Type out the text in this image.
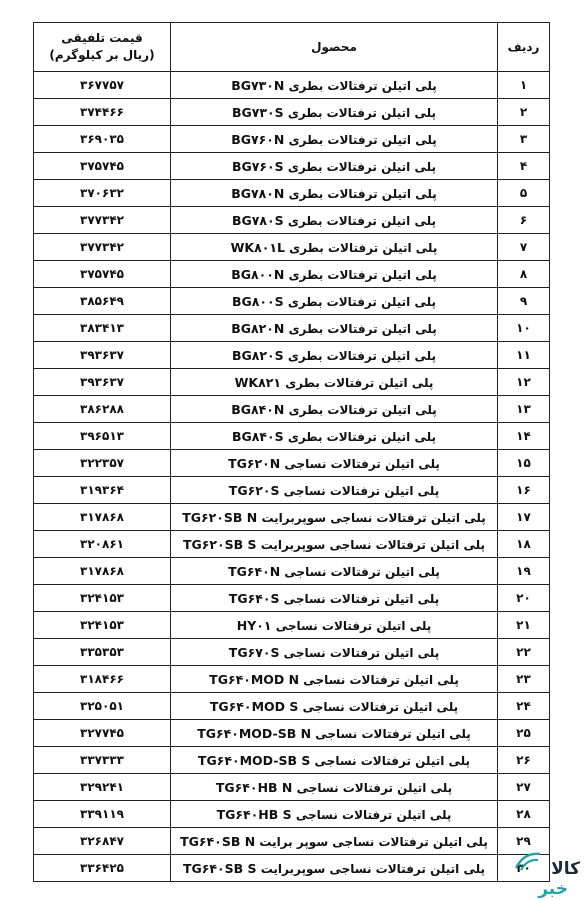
ردیف	محصول	قیمت تلفیقی
(ریال بر کیلوگرم)

۱	پلی اتیلن ترفتالات بطری BG۷۳۰N	۳۶۷۷۵۷
۲	پلی اتیلن ترفتالات بطری BG۷۳۰S	۳۷۴۴۶۶
۳	پلی اتیلن ترفتالات بطری BG۷۶۰N	۳۶۹۰۳۵
۴	پلی اتیلن ترفتالات بطری BG۷۶۰S	۳۷۵۷۴۵
۵	پلی اتیلن ترفتالات بطری BG۷۸۰N	۳۷۰۶۳۲
۶	پلی اتیلن ترفتالات بطری BG۷۸۰S	۳۷۷۳۴۲
۷	پلی اتیلن ترفتالات بطری WK۸۰۱L	۳۷۷۳۴۲
۸	پلی اتیلن ترفتالات بطری BG۸۰۰N	۳۷۵۷۴۵
۹	پلی اتیلن ترفتالات بطری BG۸۰۰S	۳۸۵۶۴۹
۱۰	پلی اتیلن ترفتالات بطری BG۸۲۰N	۳۸۳۴۱۳
۱۱	پلی اتیلن ترفتالات بطری BG۸۲۰S	۳۹۳۶۳۷
۱۲	پلی اتیلن ترفتالات بطری WK۸۲۱	۳۹۳۶۳۷
۱۳	پلی اتیلن ترفتالات بطری BG۸۴۰N	۳۸۶۲۸۸
۱۴	پلی اتیلن ترفتالات بطری BG۸۴۰S	۳۹۶۵۱۳
۱۵	پلی اتیلن ترفتالات نساجی TG۶۲۰N	۳۲۲۳۵۷
۱۶	پلی اتیلن ترفتالات نساجی TG۶۲۰S	۳۱۹۳۶۴
۱۷	پلی اتیلن ترفتالات نساجی سوپربرایت TG۶۲۰SB N	۳۱۷۸۶۸
۱۸	پلی اتیلن ترفتالات نساجی سوپربرایت TG۶۲۰SB S	۳۲۰۸۶۱
۱۹	پلی اتیلن ترفتالات نساجی TG۶۴۰N	۳۱۷۸۶۸
۲۰	پلی اتیلن ترفتالات نساجی TG۶۴۰S	۳۲۴۱۵۳
۲۱	پلی اتیلن ترفتالات نساجی HY۰۱	۳۲۴۱۵۳
۲۲	پلی اتیلن ترفتالات نساجی TG۶۷۰S	۳۳۵۳۵۳
۲۳	پلی اتیلن ترفتالات نساجی TG۶۴۰MOD N	۳۱۸۴۶۶
۲۴	پلی اتیلن ترفتالات نساجی TG۶۴۰MOD S	۳۲۵۰۵۱
۲۵	پلی اتیلن ترفتالات نساجی TG۶۴۰MOD-SB N	۳۲۷۷۴۵
۲۶	پلی اتیلن ترفتالات نساجی TG۶۴۰MOD-SB S	۳۳۷۳۳۳
۲۷	پلی اتیلن ترفتالات نساجی TG۶۴۰HB N	۳۲۹۲۴۱
۲۸	پلی اتیلن ترفتالات نساجی TG۶۴۰HB S	۳۳۹۱۱۹
۲۹	پلی اتیلن ترفتالات نساجی سوپر برایت TG۶۴۰SB N	۳۲۶۸۴۷
۳۰	پلی اتیلن ترفتالات نساجی سوپربرایت TG۶۴۰SB S	۳۳۶۴۲۵	کالا
خبر
